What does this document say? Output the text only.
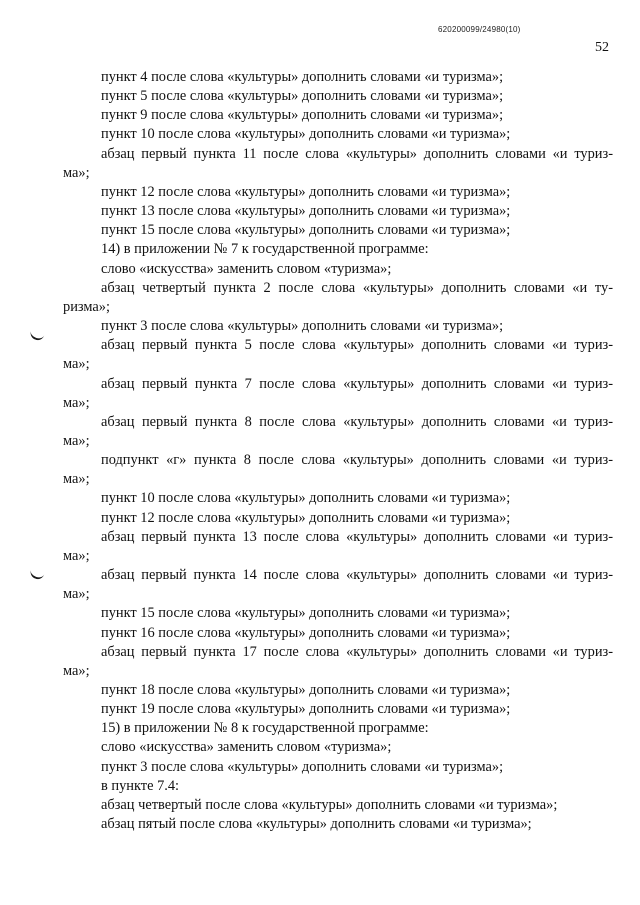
620200099/24980(10)
52
пункт 4 после слова «культуры» дополнить словами «и туризма»;
пункт 5 после слова «культуры» дополнить словами «и туризма»;
пункт 9 после слова «культуры» дополнить словами «и туризма»;
пункт 10 после слова «культуры» дополнить словами «и туризма»;
абзац первый пункта 11 после слова «культуры» дополнить словами «и туриз-
ма»;
пункт 12 после слова «культуры» дополнить словами «и туризма»;
пункт 13 после слова «культуры» дополнить словами «и туризма»;
пункт 15 после слова «культуры» дополнить словами «и туризма»;
14) в приложении № 7 к государственной программе:
слово «искусства» заменить словом «туризма»;
абзац четвертый пункта 2 после слова «культуры» дополнить словами «и ту-
ризма»;
пункт 3 после слова «культуры» дополнить словами «и туризма»;
абзац первый пункта 5 после слова «культуры» дополнить словами «и туриз-
ма»;
абзац первый пункта 7 после слова «культуры» дополнить словами «и туриз-
ма»;
абзац первый пункта 8 после слова «культуры» дополнить словами «и туриз-
ма»;
подпункт «г» пункта 8 после слова «культуры» дополнить словами «и туриз-
ма»;
пункт 10 после слова «культуры» дополнить словами «и туризма»;
пункт 12 после слова «культуры» дополнить словами «и туризма»;
абзац первый пункта 13 после слова «культуры» дополнить словами «и туриз-
ма»;
абзац первый пункта 14 после слова «культуры» дополнить словами «и туриз-
ма»;
пункт 15 после слова «культуры» дополнить словами «и туризма»;
пункт 16 после слова «культуры» дополнить словами «и туризма»;
абзац первый пункта 17 после слова «культуры» дополнить словами «и туриз-
ма»;
пункт 18 после слова «культуры» дополнить словами «и туризма»;
пункт 19 после слова «культуры» дополнить словами «и туризма»;
15) в приложении № 8 к государственной программе:
слово «искусства» заменить словом «туризма»;
пункт 3 после слова «культуры» дополнить словами «и туризма»;
в пункте 7.4:
абзац четвертый после слова «культуры» дополнить словами «и туризма»;
абзац пятый после слова «культуры» дополнить словами «и туризма»;
